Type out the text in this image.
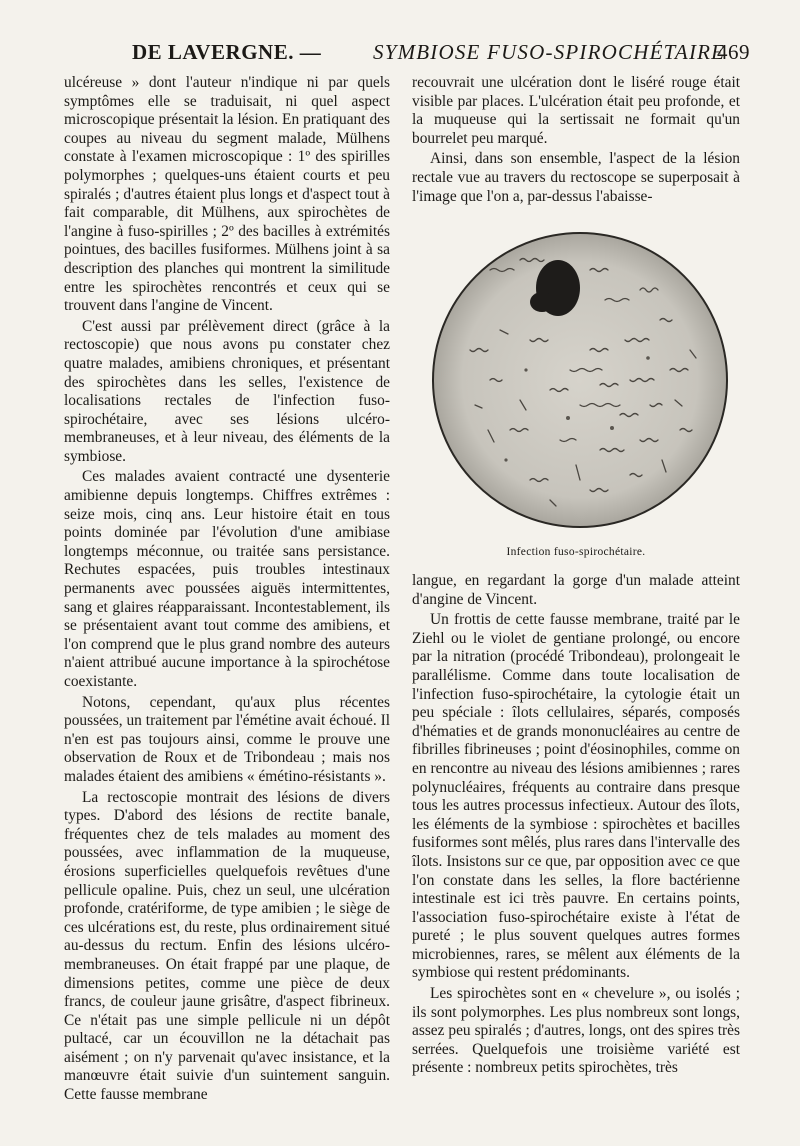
DE LAVERGNE. — SYMBIOSE FUSO-SPIROCHÉTAIRE
469

ulcéreuse » dont l'auteur n'indique ni par quels symptômes elle se traduisait, ni quel aspect microscopique présentait la lésion. En pratiquant des coupes au niveau du segment malade, Mülhens constate à l'examen microscopique : 1º des spirilles polymorphes ; quelques-uns étaient courts et peu spiralés ; d'autres étaient plus longs et d'aspect tout à fait comparable, dit Mülhens, aux spirochètes de l'angine à fuso-spirilles ; 2º des bacilles à extrémités pointues, des bacilles fusiformes. Mülhens joint à sa description des planches qui montrent la similitude entre les spirochètes rencontrés et ceux qui se trouvent dans l'angine de Vincent.

C'est aussi par prélèvement direct (grâce à la rectoscopie) que nous avons pu constater chez quatre malades, amibiens chroniques, et présentant des spirochètes dans les selles, l'existence de localisations rectales de l'infection fuso-spirochétaire, avec ses lésions ulcéro-membraneuses, et à leur niveau, des éléments de la symbiose.

Ces malades avaient contracté une dysenterie amibienne depuis longtemps. Chiffres extrêmes : seize mois, cinq ans. Leur histoire était en tous points dominée par l'évolution d'une amibiase longtemps méconnue, ou traitée sans persistance. Rechutes espacées, puis troubles intestinaux permanents avec poussées aiguës intermittentes, sang et glaires réapparaissant. Incontestablement, ils se présentaient avant tout comme des amibiens, et l'on comprend que le plus grand nombre des auteurs n'aient attribué aucune importance à la spirochétose coexistante.

Notons, cependant, qu'aux plus récentes poussées, un traitement par l'émétine avait échoué. Il n'en est pas toujours ainsi, comme le prouve une observation de Roux et de Tribondeau ; mais nos malades étaient des amibiens « émétino-résistants ».

La rectoscopie montrait des lésions de divers types. D'abord des lésions de rectite banale, fréquentes chez de tels malades au moment des poussées, avec inflammation de la muqueuse, érosions superficielles quelquefois revêtues d'une pellicule opaline. Puis, chez un seul, une ulcération profonde, cratériforme, de type amibien ; le siège de ces ulcérations est, du reste, plus ordinairement situé au-dessus du rectum. Enfin des lésions ulcéro-membraneuses. On était frappé par une plaque, de dimensions petites, comme une pièce de deux francs, de couleur jaune grisâtre, d'aspect fibrineux. Ce n'était pas une simple pellicule ni un dépôt pultacé, car un écouvillon ne la détachait pas aisément ; on n'y parvenait qu'avec insistance, et la manœuvre était suivie d'un suintement sanguin. Cette fausse membrane

recouvrait une ulcération dont le liséré rouge était visible par places. L'ulcération était peu profonde, et la muqueuse qui la sertissait ne formait qu'un bourrelet peu marqué.

Ainsi, dans son ensemble, l'aspect de la lésion rectale vue au travers du rectoscope se superposait à l'image que l'on a, par-dessus l'abaisse-

Infection fuso-spirochétaire.

langue, en regardant la gorge d'un malade atteint d'angine de Vincent.

Un frottis de cette fausse membrane, traité par le Ziehl ou le violet de gentiane prolongé, ou encore par la nitration (procédé Tribondeau), prolongeait le parallélisme. Comme dans toute localisation de l'infection fuso-spirochétaire, la cytologie était un peu spéciale : îlots cellulaires, séparés, composés d'hématies et de grands mononucléaires au centre de fibrilles fibrineuses ; point d'éosinophiles, comme on en rencontre au niveau des lésions amibiennes ; rares polynucléaires, fréquents au contraire dans presque tous les autres processus infectieux. Autour des îlots, les éléments de la symbiose : spirochètes et bacilles fusiformes sont mêlés, plus rares dans l'intervalle des îlots. Insistons sur ce que, par opposition avec ce que l'on constate dans les selles, la flore bactérienne intestinale est ici très pauvre. En certains points, l'association fuso-spirochétaire existe à l'état de pureté ; le plus souvent quelques autres formes microbiennes, rares, se mêlent aux éléments de la symbiose qui restent prédominants.

Les spirochètes sont en « chevelure », ou isolés ; ils sont polymorphes. Les plus nombreux sont longs, assez peu spiralés ; d'autres, longs, ont des spires très serrées. Quelquefois une troisième variété est présente : nombreux petits spirochètes, très
